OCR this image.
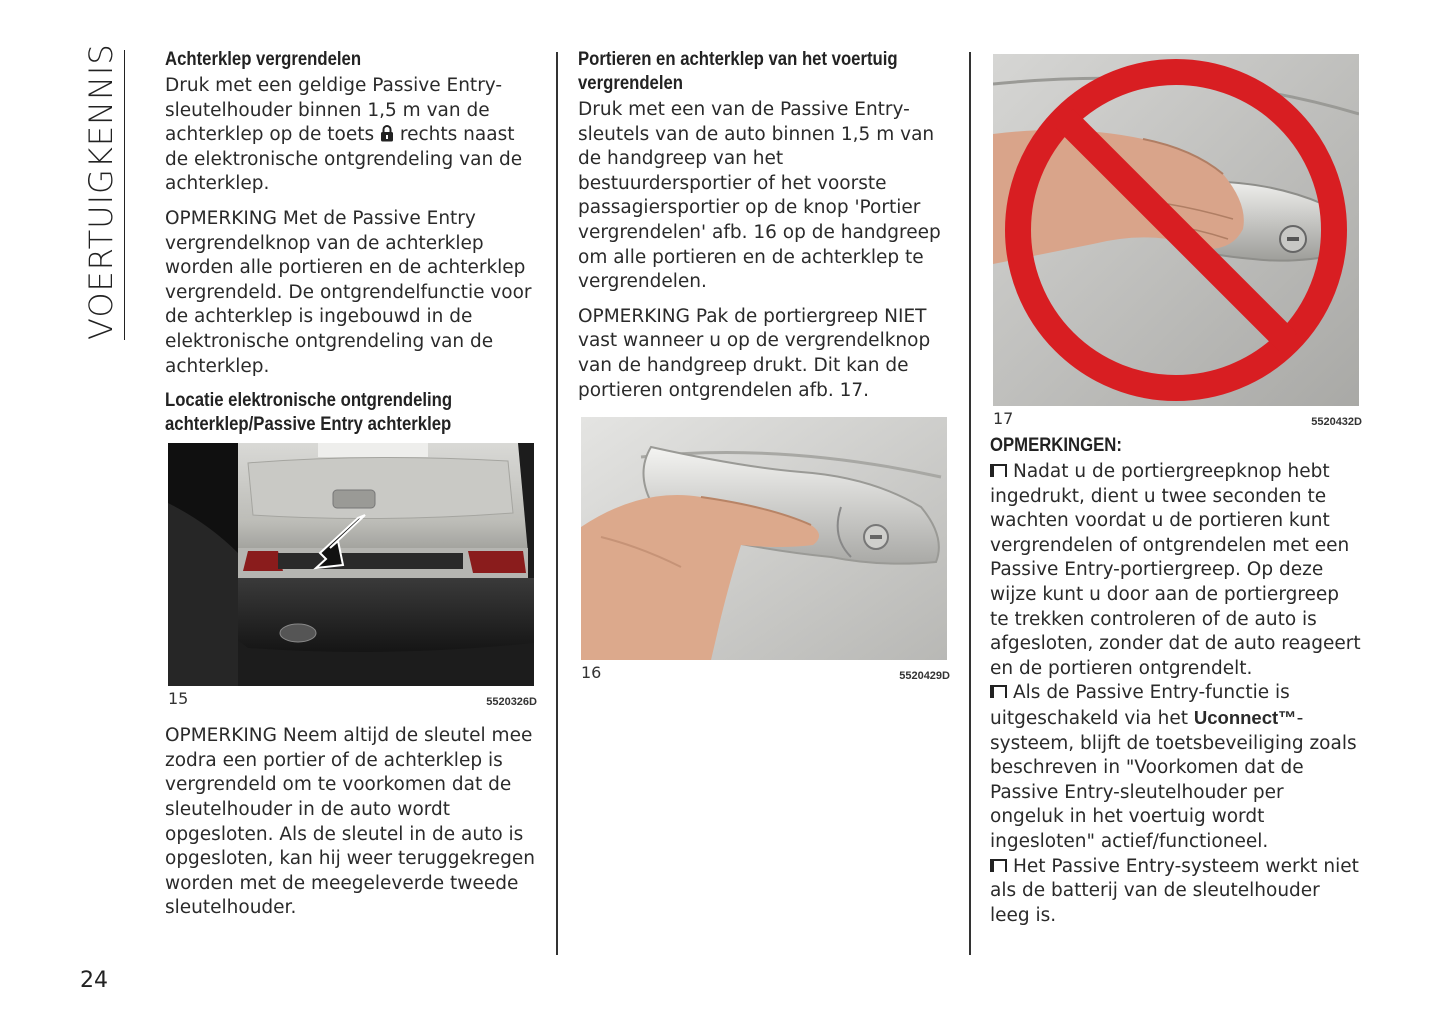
VOERTUIGKENNIS Achterklep vergrendelen

Druk met een geldige Passive Entry-sleutelhouder binnen 1,5 m van de achterklep op de toets rechts naast de elektronische ontgrendeling van de achterklep.

OPMERKING Met de Passive Entry vergrendelknop van de achterklep worden alle portieren en de achterklep vergrendeld. De ontgrendelfunctie voor de achterklep is ingebouwd in de elektronische ontgrendeling van de achterklep.

Locatie elektronische ontgrendeling achterklep/Passive Entry achterklep
15	5520326D

OPMERKING Neem altijd de sleutel mee zodra een portier of de achterklep is vergrendeld om te voorkomen dat de sleutelhouder in de auto wordt opgesloten. Als de sleutel in de auto is opgesloten, kan hij weer teruggekregen worden met de meegeleverde tweede sleutelhouder.

Portieren en achterklep van het voertuig vergrendelen

Druk met een van de Passive Entry-sleutels van de auto binnen 1,5 m van de handgreep van het bestuurdersportier of het voorste passagiersportier op de knop 'Portier vergrendelen' afb. 16 op de handgreep om alle portieren en de achterklep te vergrendelen.

OPMERKING Pak de portiergreep NIET vast wanneer u op de vergrendelknop van de handgreep drukt. Dit kan de portieren ontgrendelen afb. 17.

16	5520429D
17	5520432D
OPMERKINGEN:

Nadat u de portiergreepknop hebt ingedrukt, dient u twee seconden te wachten voordat u de portieren kunt vergrendelen of ontgrendelen met een Passive Entry-portiergreep. Op deze wijze kunt u door aan de portiergreep te trekken controleren of de auto is afgesloten, zonder dat de auto reageert en de portieren ontgrendelt.

Als de Passive Entry-functie is uitgeschakeld via het Uconnect™-systeem, blijft de toetsbeveiliging zoals beschreven in "Voorkomen dat de Passive Entry-sleutelhouder per ongeluk in het voertuig wordt ingesloten" actief/functioneel.

Het Passive Entry-systeem werkt niet als de batterij van de sleutelhouder leeg is.

24
